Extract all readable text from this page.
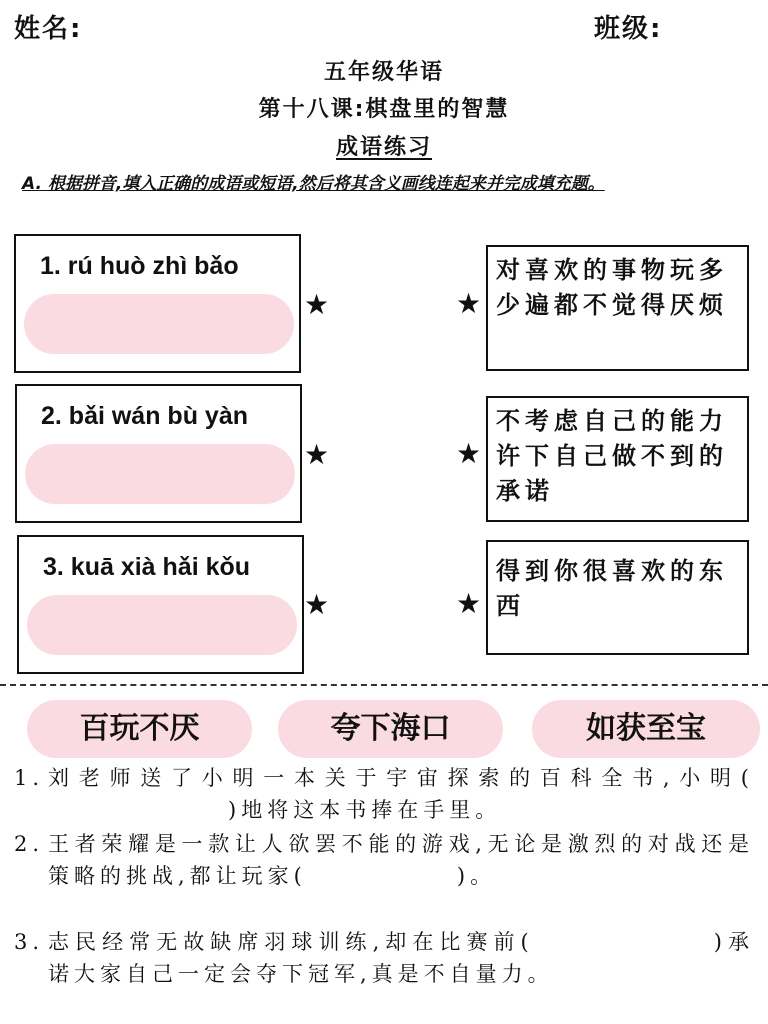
姓名:	班级:
五年级华语
第十八课:棋盘里的智慧
成语练习
A. 根据拼音,填入正确的成语或短语,然后将其含义画线连起来并完成填充题。
1. rú huò zhì bǎo
2. bǎi wán bù yàn
3. kuā xià hǎi kǒu
★
★
★
★
★
★
对喜欢的事物玩多少遍都不觉得厌烦
不考虑自己的能力许下自己做不到的承诺
得到你很喜欢的东西
百玩不厌	夸下海口	如获至宝
1. 刘老师送了小明一本关于宇宙探索的百科全书,小明()地将这本书捧在手里。
2. 王者荣耀是一款让人欲罢不能的游戏,无论是激烈的对战还是策略的挑战,都让玩家(	)。
3. 志民经常无故缺席羽球训练,却在比赛前(	)承诺大家自己一定会夺下冠军,真是不自量力。
